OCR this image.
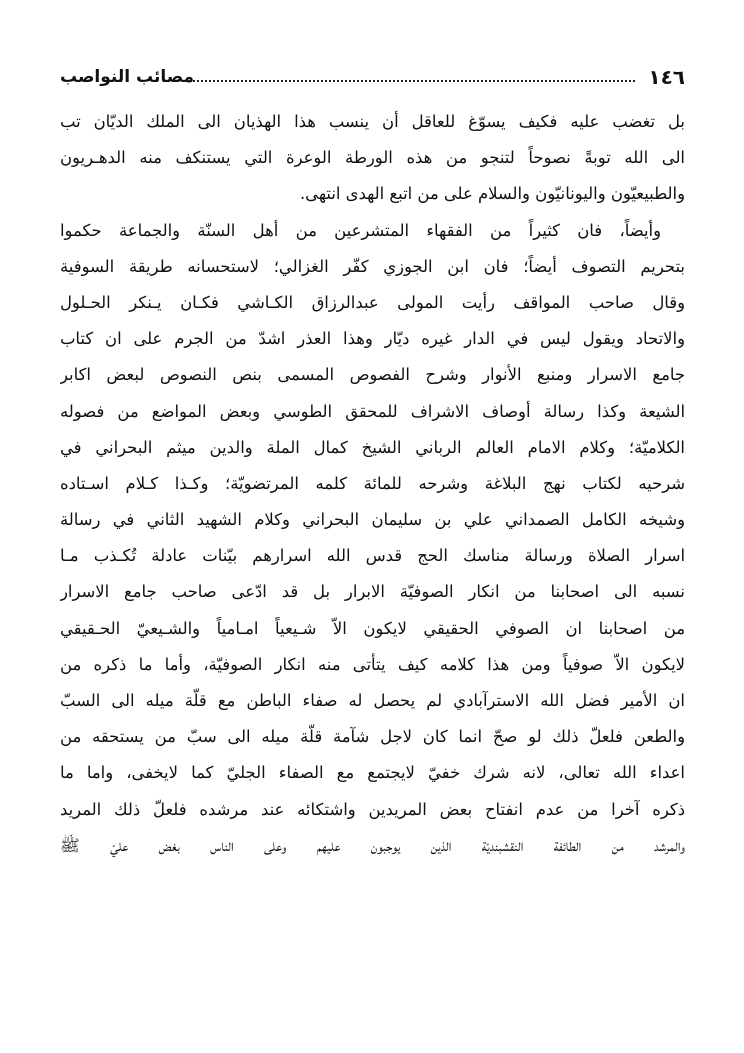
١٤٦
مصائب النواصب
بل تغضب عليه فكيف يسوّغ للعاقل أن ينسب هذا الهذيان الى الملك الديّان تب
الى الله توبةً نصوحاً لتنجو من هذه الورطة الوعرة التي يستنكف منه الدهـريون
والطبيعيّون واليونانيّون والسلام على من اتبع الهدى انتهى.
وأيضاً، فان كثيراً من الفقهاء المتشرعين من أهل السنّة والجماعة حكموا
بتحريم التصوف أيضاً؛ فان ابن الجوزي كفّر الغزالي؛ لاستحسانه طريقة السوفية
وقال صاحب المواقف رأيت المولى عبدالرزاق الكـاشي فكـان يـنكر الحـلول
والاتحاد ويقول ليس في الدار غيره ديّار وهذا العذر اشدّ من الجرم على ان كتاب
جامع الاسرار ومنبع الأنوار وشرح الفصوص المسمى بنص النصوص لبعض اكابر
الشيعة وكذا رسالة أوصاف الاشراف للمحقق الطوسي وبعض المواضع من فصوله
الكلاميّة؛ وكلام الامام العالم الرباني الشيخ كمال الملة والدين ميثم البحراني في
شرحيه لكتاب نهج البلاغة وشرحه للمائة كلمه المرتضويّة؛ وكـذا كـلام اسـتاده
وشيخه الكامل الصمداني علي بن سليمان البحراني وكلام الشهيد الثاني في رسالة
اسرار الصلاة ورسالة مناسك الحج قدس الله اسرارهم بيّنات عادلة تُكـذب مـا
نسبه الى اصحابنا من انكار الصوفيّة الابرار بل قد ادّعى صاحب جامع الاسرار
من اصحابنا ان الصوفي الحقيقي لايكون الاّ شـيعياً امـامياً والشـيعيّ الحـقيقي
لايكون الاّ صوفياً ومن هذا كلامه كيف يتأتى منه انكار الصوفيّة، وأما ما ذكره من
ان الأمير فضل الله الاسترآبادي لم يحصل له صفاء الباطن مع قلّة ميله الى السبّ
والطعن فلعلّ ذلك لو صحّ انما كان لاجل شآمة قلّة ميله الى سبّ من يستحقه من
اعداء الله تعالى، لانه شرك خفيّ لايجتمع مع الصفاء الجليّ كما لايخفى، واما ما
ذكره آخرا من عدم انفتاح بعض المريدين واشتكائه عند مرشده فلعلّ ذلك المريد
والمرشد من الطائفة النقشبنديّة الذين يوجبون عليهم وعلى الناس بغض عليّ ﷺ
